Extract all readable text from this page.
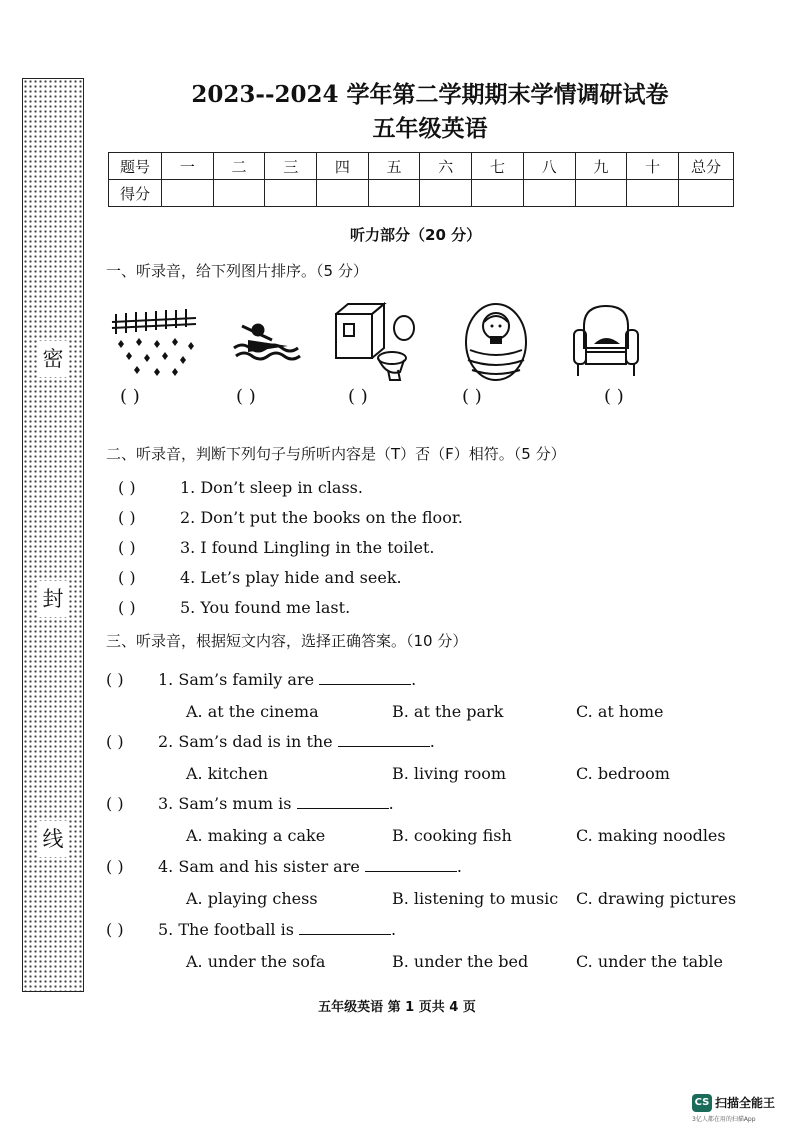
密
封
线
2023--2024 学年第二学期期末学情调研试卷
五年级英语
题号	一	二	三	四	五	六	七	八	九	十	总分
得分											
听力部分（20 分）
一、听录音，给下列图片排序。（5 分）
( )	( )	( )	( )	( )
二、听录音，判断下列句子与所听内容是（T）否（F）相符。（5 分）
( )	1. Don’t sleep in class.
( )	2. Don’t put the books on the floor.
( )	3. I found Lingling in the toilet.
( )	4. Let’s play hide and seek.
( )	5. You found me last.
三、听录音，根据短文内容，选择正确答案。（10 分）
( ) 1. Sam’s family are	.
A. at the cinema	B. at the park	C. at home
( ) 2. Sam’s dad is in the	.
A. kitchen	B. living room	C. bedroom
( ) 3. Sam’s mum is	.
A. making a cake	B. cooking fish	C. making noodles
( ) 4. Sam and his sister are	.
A. playing chess	B. listening to music C. drawing pictures
( ) 5. The football is	.
A. under the sofa	B. under the bed	C. under the table
五年级英语 第 1 页共 4 页
CS 扫描全能王
3亿人都在用的扫描App
